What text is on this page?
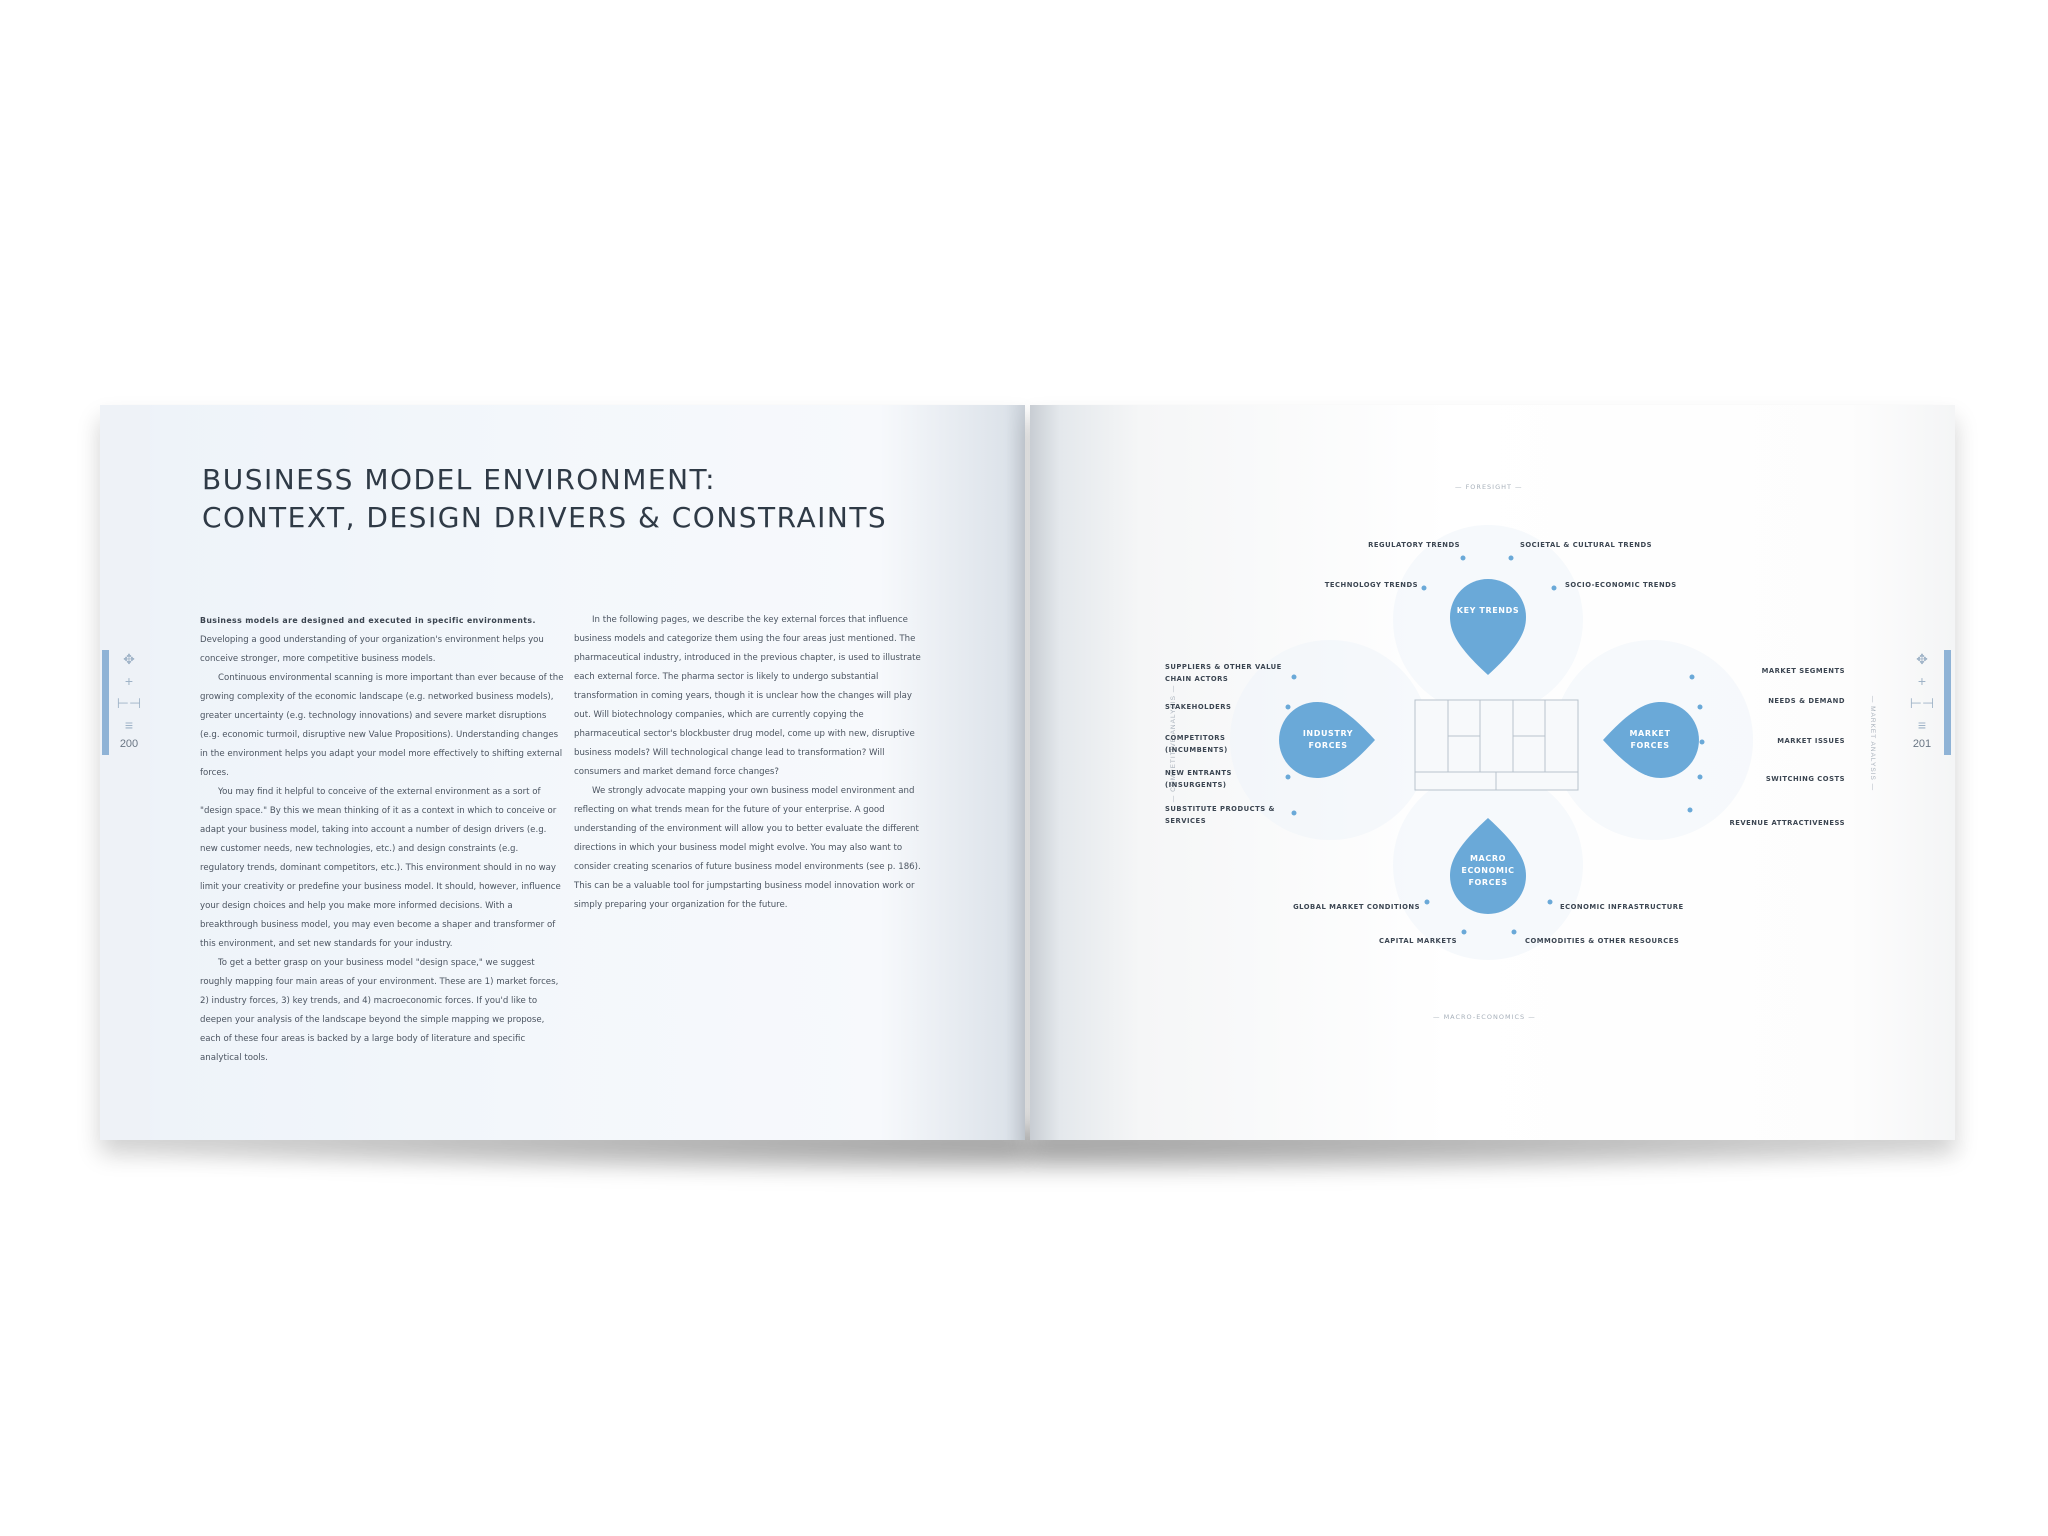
BUSINESS MODEL ENVIRONMENT:
CONTEXT, DESIGN DRIVERS & CONSTRAINTS

Business models are designed and executed in specific environments. Developing a good understanding of your organization's environment helps you conceive stronger, more competitive business models.

Continuous environmental scanning is more important than ever because of the growing complexity of the economic landscape (e.g. networked business models), greater uncertainty (e.g. technology innovations) and severe market disruptions (e.g. economic turmoil, disruptive new Value Propositions). Understanding changes in the environment helps you adapt your model more effectively to shifting external forces.

You may find it helpful to conceive of the external environment as a sort of "design space." By this we mean thinking of it as a context in which to conceive or adapt your business model, taking into account a number of design drivers (e.g. new customer needs, new technologies, etc.) and design constraints (e.g. regulatory trends, dominant competitors, etc.). This environment should in no way limit your creativity or predefine your business model. It should, however, influence your design choices and help you make more informed decisions. With a breakthrough business model, you may even become a shaper and transformer of this environment, and set new standards for your industry.

To get a better grasp on your business model "design space," we suggest roughly mapping four main areas of your environment. These are 1) market forces, 2) industry forces, 3) key trends, and 4) macroeconomic forces. If you'd like to deepen your analysis of the landscape beyond the simple mapping we propose, each of these four areas is backed by a large body of literature and specific analytical tools.

In the following pages, we describe the key external forces that influence business models and categorize them using the four areas just mentioned. The pharmaceutical industry, introduced in the previous chapter, is used to illustrate each external force. The pharma sector is likely to undergo substantial transformation in coming years, though it is unclear how the changes will play out. Will biotechnology companies, which are currently copying the pharmaceutical sector's blockbuster drug model, come up with new, disruptive business models? Will technological change lead to transformation? Will consumers and market demand force changes?

We strongly advocate mapping your own business model environment and reflecting on what trends mean for the future of your enterprise. A good understanding of the environment will allow you to better evaluate the different directions in which your business model might evolve. You may also want to consider creating scenarios of future business model environments (see p. 186). This can be a valuable tool for jumpstarting business model innovation work or simply preparing your organization for the future.

✥
+
⊢⊣
≡
200
✥
+
⊢⊣
≡
201
KEY TRENDS
INDUSTRY FORCES
MARKET FORCES
MACRO ECONOMIC FORCES
— FORESIGHT —
— MACRO-ECONOMICS —
— COMPETITIVE ANALYSIS —	— MARKET ANALYSIS —
REGULATORY TRENDS	SOCIETAL & CULTURAL TRENDS
TECHNOLOGY TRENDS	SOCIO-ECONOMIC TRENDS
SUPPLIERS & OTHER VALUE CHAIN ACTORS
STAKEHOLDERS
COMPETITORS (INCUMBENTS)
NEW ENTRANTS (INSURGENTS)
SUBSTITUTE PRODUCTS & SERVICES
MARKET SEGMENTS
NEEDS & DEMAND
MARKET ISSUES
SWITCHING COSTS
REVENUE ATTRACTIVENESS
GLOBAL MARKET CONDITIONS	ECONOMIC INFRASTRUCTURE
CAPITAL MARKETS	COMMODITIES & OTHER RESOURCES
